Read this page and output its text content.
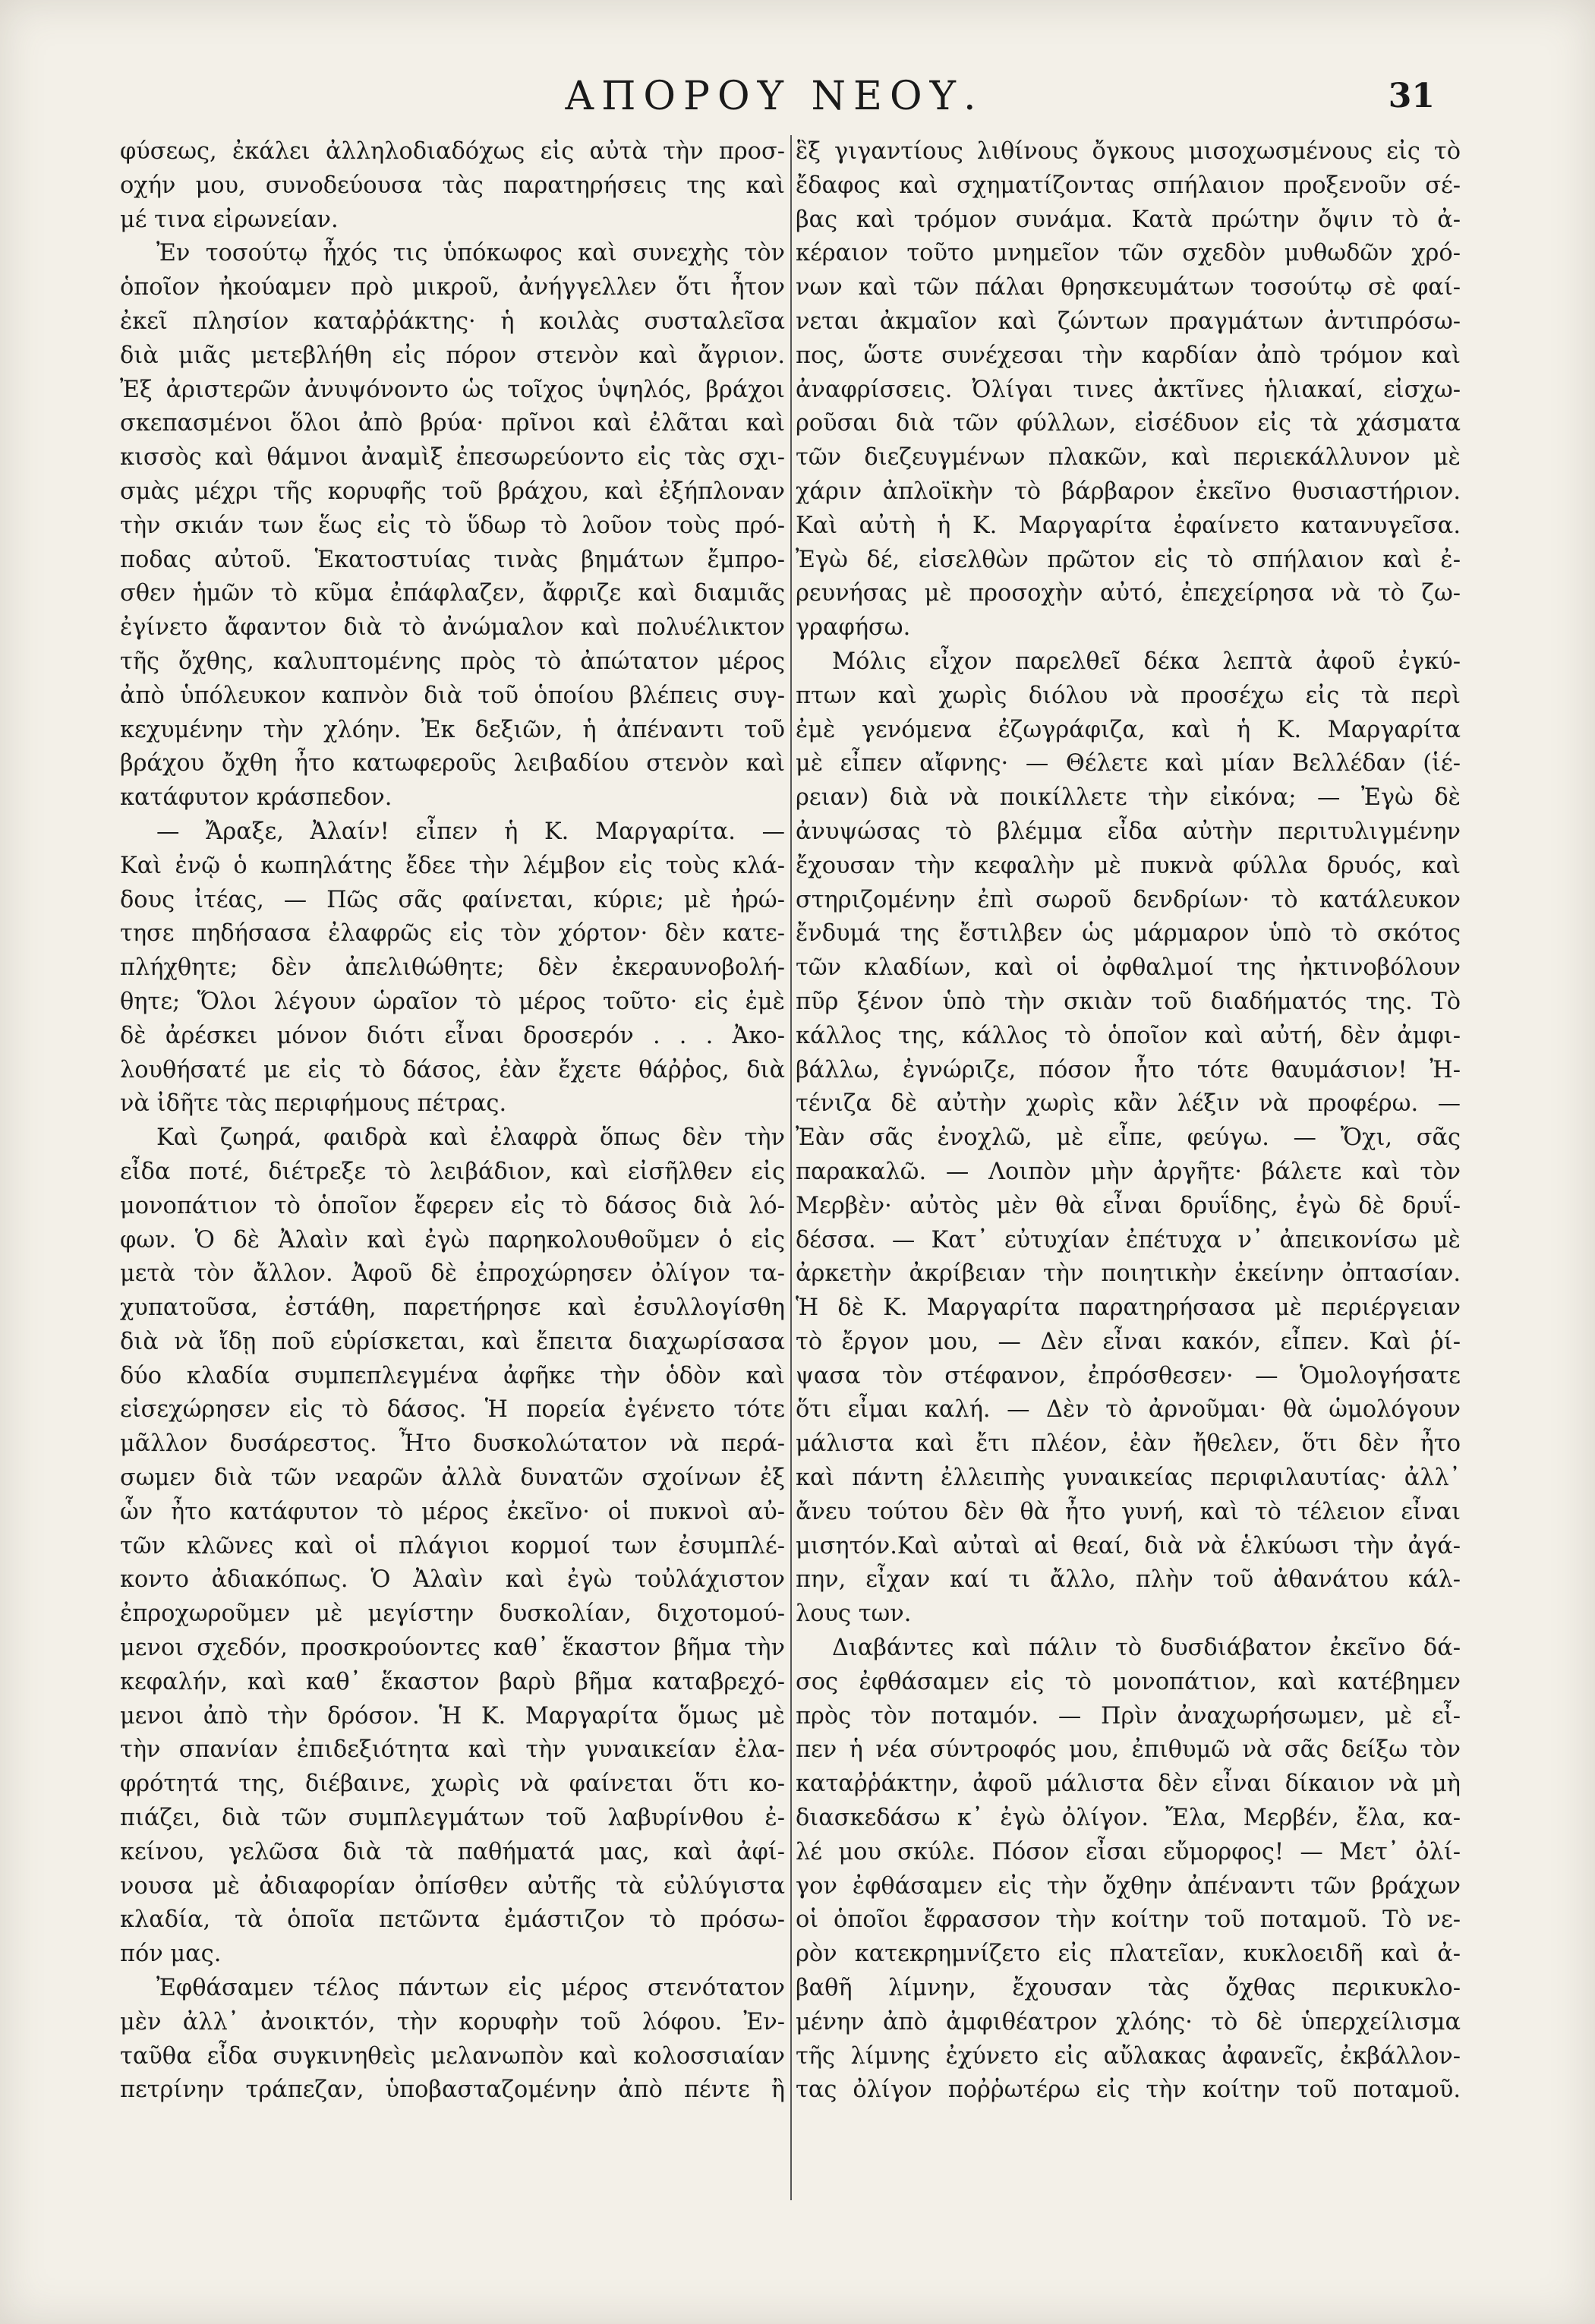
ΑΠΟΡΟΥ ΝΕΟΥ.	31
φύσεως, ἐκάλει ἀλληλοδιαδόχως εἰς αὐτὰ τὴν προσ-
οχήν μου, συνοδεύουσα τὰς παρατηρήσεις της καὶ
μέ τινα εἰρωνείαν.
Ἐν τοσούτῳ ἦχός τις ὑπόκωφος καὶ συνεχὴς τὸν
ὁποῖον ἠκούαμεν πρὸ μικροῦ, ἀνήγγελλεν ὅτι ἦτον
ἐκεῖ πλησίον καταῤῥάκτης· ἡ κοιλὰς συσταλεῖσα
διὰ μιᾶς μετεβλήθη εἰς πόρον στενὸν καὶ ἄγριον.
Ἐξ ἀριστερῶν ἀνυψόνοντο ὡς τοῖχος ὑψηλός, βράχοι
σκεπασμένοι ὅλοι ἀπὸ βρύα· πρῖνοι καὶ ἐλᾶται καὶ
κισσὸς καὶ θάμνοι ἀναμὶξ ἐπεσωρεύοντο εἰς τὰς σχι-
σμὰς μέχρι τῆς κορυφῆς τοῦ βράχου, καὶ ἐξήπλοναν
τὴν σκιάν των ἕως εἰς τὸ ὕδωρ τὸ λοῦον τοὺς πρό-
ποδας αὐτοῦ. Ἑκατοστυίας τινὰς βημάτων ἔμπρο-
σθεν ἡμῶν τὸ κῦμα ἐπάφλαζεν, ἄφριζε καὶ διαμιᾶς
ἐγίνετο ἄφαντον διὰ τὸ ἀνώμαλον καὶ πολυέλικτον
τῆς ὄχθης, καλυπτομένης πρὸς τὸ ἀπώτατον μέρος
ἀπὸ ὑπόλευκον καπνὸν διὰ τοῦ ὁποίου βλέπεις συγ-
κεχυμένην τὴν χλόην. Ἐκ δεξιῶν, ἡ ἀπέναντι τοῦ
βράχου ὄχθη ἦτο κατωφεροῦς λειβαδίου στενὸν καὶ
κατάφυτον κράσπεδον.
— Ἄραξε, Ἀλαίν! εἶπεν ἡ Κ. Μαργαρίτα. —
Καὶ ἐνῷ ὁ κωπηλάτης ἔδεε τὴν λέμβον εἰς τοὺς κλά-
δους ἰτέας, — Πῶς σᾶς φαίνεται, κύριε; μὲ ἠρώ-
τησε πηδήσασα ἐλαφρῶς εἰς τὸν χόρτον· δὲν κατε-
πλήχθητε; δὲν ἀπελιθώθητε; δὲν ἐκεραυνοβολή-
θητε; Ὅλοι λέγουν ὡραῖον τὸ μέρος τοῦτο· εἰς ἐμὲ
δὲ ἀρέσκει μόνον διότι εἶναι δροσερόν . . . Ἀκο-
λουθήσατέ με εἰς τὸ δάσος, ἐὰν ἔχετε θάῤῥος, διὰ
νὰ ἰδῆτε τὰς περιφήμους πέτρας.
Καὶ ζωηρά, φαιδρὰ καὶ ἐλαφρὰ ὅπως δὲν τὴν
εἶδα ποτέ, διέτρεξε τὸ λειβάδιον, καὶ εἰσῆλθεν εἰς
μονοπάτιον τὸ ὁποῖον ἔφερεν εἰς τὸ δάσος διὰ λό-
φων. Ὁ δὲ Ἀλαὶν καὶ ἐγὼ παρηκολουθοῦμεν ὁ εἰς
μετὰ τὸν ἄλλον. Ἀφοῦ δὲ ἐπροχώρησεν ὀλίγον τα-
χυπατοῦσα, ἐστάθη, παρετήρησε καὶ ἐσυλλογίσθη
διὰ νὰ ἴδῃ ποῦ εὑρίσκεται, καὶ ἔπειτα διαχωρίσασα
δύο κλαδία συμπεπλεγμένα ἀφῆκε τὴν ὁδὸν καὶ
εἰσεχώρησεν εἰς τὸ δάσος. Ἡ πορεία ἐγένετο τότε
μᾶλλον δυσάρεστος. Ἦτο δυσκολώτατον νὰ περά-
σωμεν διὰ τῶν νεαρῶν ἀλλὰ δυνατῶν σχοίνων ἐξ
ὧν ἦτο κατάφυτον τὸ μέρος ἐκεῖνο· οἱ πυκνοὶ αὐ-
τῶν κλῶνες καὶ οἱ πλάγιοι κορμοί των ἐσυμπλέ-
κοντο ἀδιακόπως. Ὁ Ἀλαὶν καὶ ἐγὼ τοὐλάχιστον
ἐπροχωροῦμεν μὲ μεγίστην δυσκολίαν, διχοτομού-
μενοι σχεδόν, προσκρούοντες καθ᾽ ἕκαστον βῆμα τὴν
κεφαλήν, καὶ καθ᾽ ἕκαστον βαρὺ βῆμα καταβρεχό-
μενοι ἀπὸ τὴν δρόσον. Ἡ Κ. Μαργαρίτα ὅμως μὲ
τὴν σπανίαν ἐπιδεξιότητα καὶ τὴν γυναικείαν ἐλα-
φρότητά της, διέβαινε, χωρὶς νὰ φαίνεται ὅτι κο-
πιάζει, διὰ τῶν συμπλεγμάτων τοῦ λαβυρίνθου ἐ-
κείνου, γελῶσα διὰ τὰ παθήματά μας, καὶ ἀφί-
νουσα μὲ ἀδιαφορίαν ὀπίσθεν αὐτῆς τὰ εὐλύγιστα
κλαδία, τὰ ὁποῖα πετῶντα ἐμάστιζον τὸ πρόσω-
πόν μας.
Ἐφθάσαμεν τέλος πάντων εἰς μέρος στενότατον
μὲν ἀλλ᾽ ἀνοικτόν, τὴν κορυφὴν τοῦ λόφου. Ἐν-
ταῦθα εἶδα συγκινηθεὶς μελανωπὸν καὶ κολοσσιαίαν
πετρίνην τράπεζαν, ὑποβασταζομένην ἀπὸ πέντε ἢ
ἓξ γιγαντίους λιθίνους ὄγκους μισοχωσμένους εἰς τὸ
ἔδαφος καὶ σχηματίζοντας σπήλαιον προξενοῦν σέ-
βας καὶ τρόμον συνάμα. Κατὰ πρώτην ὄψιν τὸ ἀ-
κέραιον τοῦτο μνημεῖον τῶν σχεδὸν μυθωδῶν χρό-
νων καὶ τῶν πάλαι θρησκευμάτων τοσούτῳ σὲ φαί-
νεται ἀκμαῖον καὶ ζώντων πραγμάτων ἀντιπρόσω-
πος, ὥστε συνέχεσαι τὴν καρδίαν ἀπὸ τρόμον καὶ
ἀναφρίσσεις. Ὀλίγαι τινες ἀκτῖνες ἡλιακαί, εἰσχω-
ροῦσαι διὰ τῶν φύλλων, εἰσέδυον εἰς τὰ χάσματα
τῶν διεζευγμένων πλακῶν, καὶ περιεκάλλυνον μὲ
χάριν ἀπλοϊκὴν τὸ βάρβαρον ἐκεῖνο θυσιαστήριον.
Καὶ αὐτὴ ἡ Κ. Μαργαρίτα ἐφαίνετο κατανυγεῖσα.
Ἐγὼ δέ, εἰσελθὼν πρῶτον εἰς τὸ σπήλαιον καὶ ἐ-
ρευνήσας μὲ προσοχὴν αὐτό, ἐπεχείρησα νὰ τὸ ζω-
γραφήσω.
Μόλις εἶχον παρελθεῖ δέκα λεπτὰ ἀφοῦ ἐγκύ-
πτων καὶ χωρὶς διόλου νὰ προσέχω εἰς τὰ περὶ
ἐμὲ γενόμενα ἐζωγράφιζα, καὶ ἡ Κ. Μαργαρίτα
μὲ εἶπεν αἴφνης· — Θέλετε καὶ μίαν Βελλέδαν (ἱέ-
ρειαν) διὰ νὰ ποικίλλετε τὴν εἰκόνα; — Ἐγὼ δὲ
ἀνυψώσας τὸ βλέμμα εἶδα αὐτὴν περιτυλιγμένην
ἔχουσαν τὴν κεφαλὴν μὲ πυκνὰ φύλλα δρυός, καὶ
στηριζομένην ἐπὶ σωροῦ δενδρίων· τὸ κατάλευκον
ἔνδυμά της ἔστιλβεν ὡς μάρμαρον ὑπὸ τὸ σκότος
τῶν κλαδίων, καὶ οἱ ὀφθαλμοί της ἠκτινοβόλουν
πῦρ ξένον ὑπὸ τὴν σκιὰν τοῦ διαδήματός της. Τὸ
κάλλος της, κάλλος τὸ ὁποῖον καὶ αὐτή, δὲν ἀμφι-
βάλλω, ἐγνώριζε, πόσον ἦτο τότε θαυμάσιον! Ἠ-
τένιζα δὲ αὐτὴν χωρὶς κἂν λέξιν νὰ προφέρω. —
Ἐὰν σᾶς ἐνοχλῶ, μὲ εἶπε, φεύγω. — Ὄχι, σᾶς
παρακαλῶ. — Λοιπὸν μὴν ἀργῆτε· βάλετε καὶ τὸν
Μερβὲν· αὐτὸς μὲν θὰ εἶναι δρυΐδης, ἐγὼ δὲ δρυΐ-
δέσσα. — Κατ᾽ εὐτυχίαν ἐπέτυχα ν᾽ ἀπεικονίσω μὲ
ἀρκετὴν ἀκρίβειαν τὴν ποιητικὴν ἐκείνην ὀπτασίαν.
Ἡ δὲ Κ. Μαργαρίτα παρατηρήσασα μὲ περιέργειαν
τὸ ἔργον μου, — Δὲν εἶναι κακόν, εἶπεν. Καὶ ῥί-
ψασα τὸν στέφανον, ἐπρόσθεσεν· — Ὁμολογήσατε
ὅτι εἶμαι καλή. — Δὲν τὸ ἀρνοῦμαι· θὰ ὡμολόγουν
μάλιστα καὶ ἔτι πλέον, ἐὰν ἤθελεν, ὅτι δὲν ἦτο
καὶ πάντη ἐλλειπὴς γυναικείας περιφιλαυτίας· ἀλλ᾽
ἄνευ τούτου δὲν θὰ ἦτο γυνή, καὶ τὸ τέλειον εἶναι
μισητόν.Καὶ αὐταὶ αἱ θεαί, διὰ νὰ ἑλκύωσι τὴν ἀγά-
πην, εἶχαν καί τι ἄλλο, πλὴν τοῦ ἀθανάτου κάλ-
λους των.
Διαβάντες καὶ πάλιν τὸ δυσδιάβατον ἐκεῖνο δά-
σος ἐφθάσαμεν εἰς τὸ μονοπάτιον, καὶ κατέβημεν
πρὸς τὸν ποταμόν. — Πρὶν ἀναχωρήσωμεν, μὲ εἶ-
πεν ἡ νέα σύντροφός μου, ἐπιθυμῶ νὰ σᾶς δείξω τὸν
καταῤῥάκτην, ἀφοῦ μάλιστα δὲν εἶναι δίκαιον νὰ μὴ
διασκεδάσω κ᾽ ἐγὼ ὀλίγον. Ἔλα, Μερβέν, ἔλα, κα-
λέ μου σκύλε. Πόσον εἶσαι εὔμορφος! — Μετ᾽ ὀλί-
γον ἐφθάσαμεν εἰς τὴν ὄχθην ἀπέναντι τῶν βράχων
οἱ ὁποῖοι ἔφρασσον τὴν κοίτην τοῦ ποταμοῦ. Τὸ νε-
ρὸν κατεκρημνίζετο εἰς πλατεῖαν, κυκλοειδῆ καὶ ἀ-
βαθῆ λίμνην, ἔχουσαν τὰς ὄχθας περικυκλο-
μένην ἀπὸ ἀμφιθέατρον χλόης· τὸ δὲ ὑπερχείλισμα
τῆς λίμνης ἐχύνετο εἰς αὔλακας ἀφανεῖς, ἐκβάλλον-
τας ὀλίγον ποῤῥωτέρω εἰς τὴν κοίτην τοῦ ποταμοῦ.
